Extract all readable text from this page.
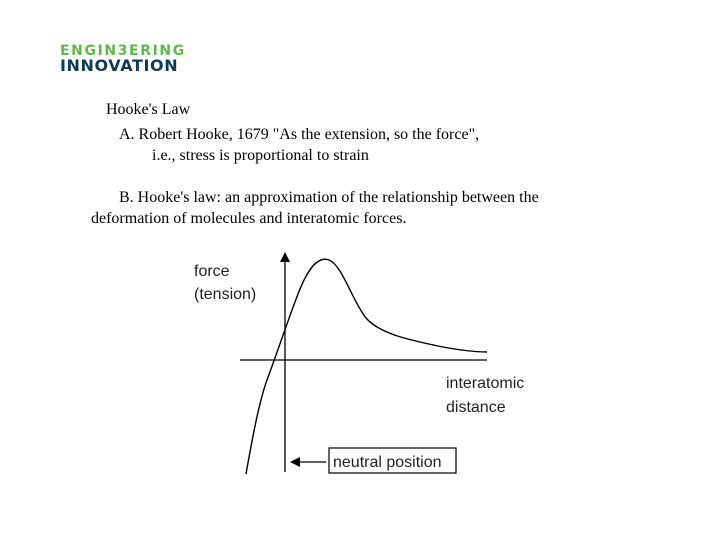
ENGIN3ERING
INNOVATION
Hooke's Law
A. Robert Hooke, 1679 "As the extension, so the force",
i.e., stress is proportional to strain
B. Hooke's law: an approximation of the relationship between the
deformation of molecules and interatomic forces.
force
(tension)
interatomic
distance
neutral position
